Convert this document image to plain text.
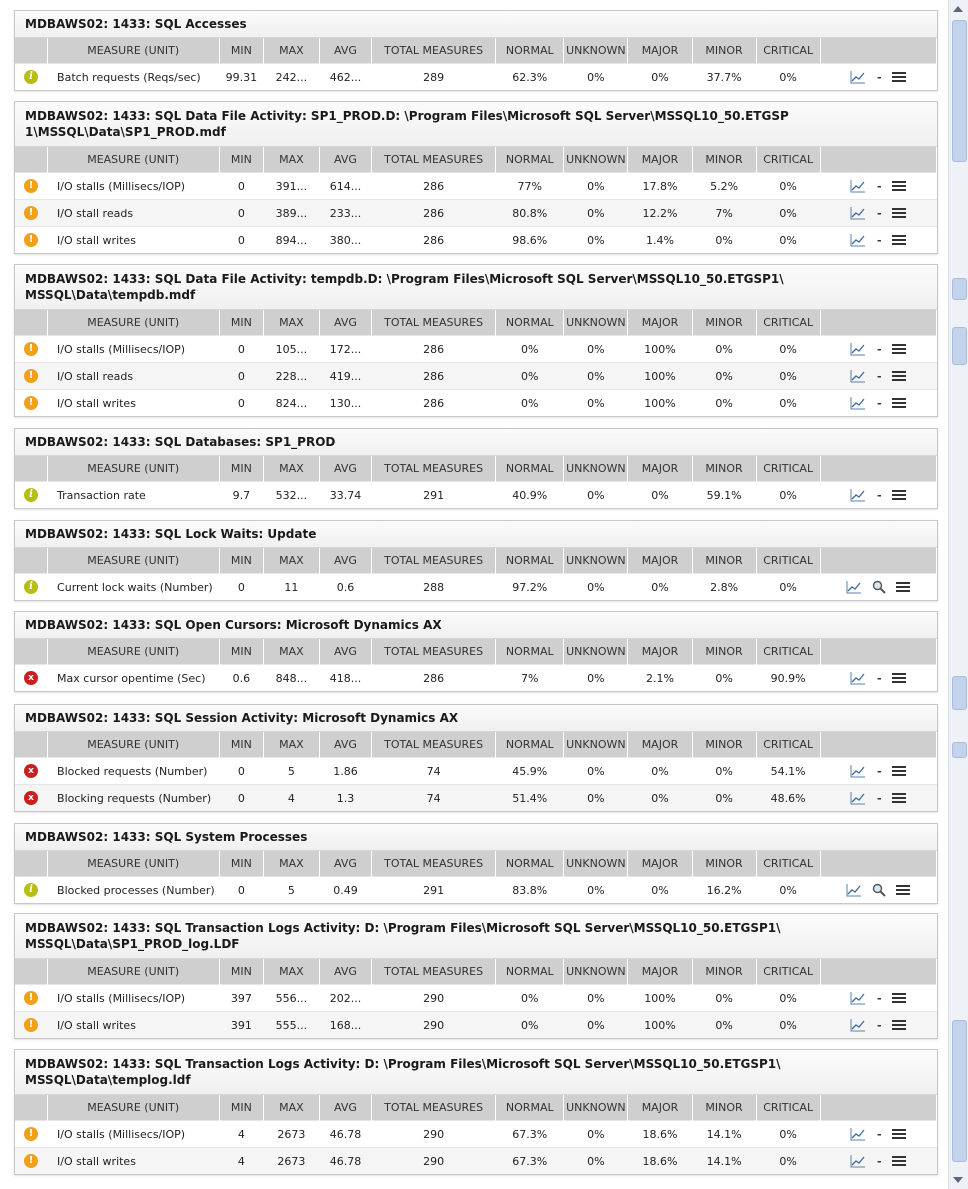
MDBAWS02: 1433: SQL Accesses
	MEASURE (UNIT)	MIN	MAX	AVG	TOTAL MEASURES	NORMAL	UNKNOWN	MAJOR	MINOR	CRITICAL	
i	Batch requests (Reqs/sec)	99.31	242...	462...	289	62.3%	0%	0%	37.7%	0%	-
MDBAWS02: 1433: SQL Data File Activity: SP1_PROD.D: \Program Files\Microsoft SQL Server\MSSQL10_50.ETGSP 1\MSSQL\Data\SP1_PROD.mdf
	MEASURE (UNIT)	MIN	MAX	AVG	TOTAL MEASURES	NORMAL	UNKNOWN	MAJOR	MINOR	CRITICAL	
!	I/O stalls (Millisecs/IOP)	0	391...	614...	286	77%	0%	17.8%	5.2%	0%	-
!	I/O stall reads	0	389...	233...	286	80.8%	0%	12.2%	7%	0%	-
!	I/O stall writes	0	894...	380...	286	98.6%	0%	1.4%	0%	0%	-
MDBAWS02: 1433: SQL Data File Activity: tempdb.D: \Program Files\Microsoft SQL Server\MSSQL10_50.ETGSP1\ MSSQL\Data\tempdb.mdf
	MEASURE (UNIT)	MIN	MAX	AVG	TOTAL MEASURES	NORMAL	UNKNOWN	MAJOR	MINOR	CRITICAL	
!	I/O stalls (Millisecs/IOP)	0	105...	172...	286	0%	0%	100%	0%	0%	-
!	I/O stall reads	0	228...	419...	286	0%	0%	100%	0%	0%	-
!	I/O stall writes	0	824...	130...	286	0%	0%	100%	0%	0%	-
MDBAWS02: 1433: SQL Databases: SP1_PROD
	MEASURE (UNIT)	MIN	MAX	AVG	TOTAL MEASURES	NORMAL	UNKNOWN	MAJOR	MINOR	CRITICAL	
i	Transaction rate	9.7	532...	33.74	291	40.9%	0%	0%	59.1%	0%	-
MDBAWS02: 1433: SQL Lock Waits: Update
	MEASURE (UNIT)	MIN	MAX	AVG	TOTAL MEASURES	NORMAL	UNKNOWN	MAJOR	MINOR	CRITICAL	
i	Current lock waits (Number)	0	11	0.6	288	97.2%	0%	0%	2.8%	0%	
MDBAWS02: 1433: SQL Open Cursors: Microsoft Dynamics AX
	MEASURE (UNIT)	MIN	MAX	AVG	TOTAL MEASURES	NORMAL	UNKNOWN	MAJOR	MINOR	CRITICAL	
x	Max cursor opentime (Sec)	0.6	848...	418...	286	7%	0%	2.1%	0%	90.9%	-
MDBAWS02: 1433: SQL Session Activity: Microsoft Dynamics AX
	MEASURE (UNIT)	MIN	MAX	AVG	TOTAL MEASURES	NORMAL	UNKNOWN	MAJOR	MINOR	CRITICAL	
x	Blocked requests (Number)	0	5	1.86	74	45.9%	0%	0%	0%	54.1%	-
x	Blocking requests (Number)	0	4	1.3	74	51.4%	0%	0%	0%	48.6%	-
MDBAWS02: 1433: SQL System Processes
	MEASURE (UNIT)	MIN	MAX	AVG	TOTAL MEASURES	NORMAL	UNKNOWN	MAJOR	MINOR	CRITICAL	
i	Blocked processes (Number)	0	5	0.49	291	83.8%	0%	0%	16.2%	0%	
MDBAWS02: 1433: SQL Transaction Logs Activity: D: \Program Files\Microsoft SQL Server\MSSQL10_50.ETGSP1\ MSSQL\Data\SP1_PROD_log.LDF
	MEASURE (UNIT)	MIN	MAX	AVG	TOTAL MEASURES	NORMAL	UNKNOWN	MAJOR	MINOR	CRITICAL	
!	I/O stalls (Millisecs/IOP)	397	556...	202...	290	0%	0%	100%	0%	0%	-
!	I/O stall writes	391	555...	168...	290	0%	0%	100%	0%	0%	-
MDBAWS02: 1433: SQL Transaction Logs Activity: D: \Program Files\Microsoft SQL Server\MSSQL10_50.ETGSP1\ MSSQL\Data\templog.ldf
	MEASURE (UNIT)	MIN	MAX	AVG	TOTAL MEASURES	NORMAL	UNKNOWN	MAJOR	MINOR	CRITICAL	
!	I/O stalls (Millisecs/IOP)	4	2673	46.78	290	67.3%	0%	18.6%	14.1%	0%	-
!	I/O stall writes	4	2673	46.78	290	67.3%	0%	18.6%	14.1%	0%	-
